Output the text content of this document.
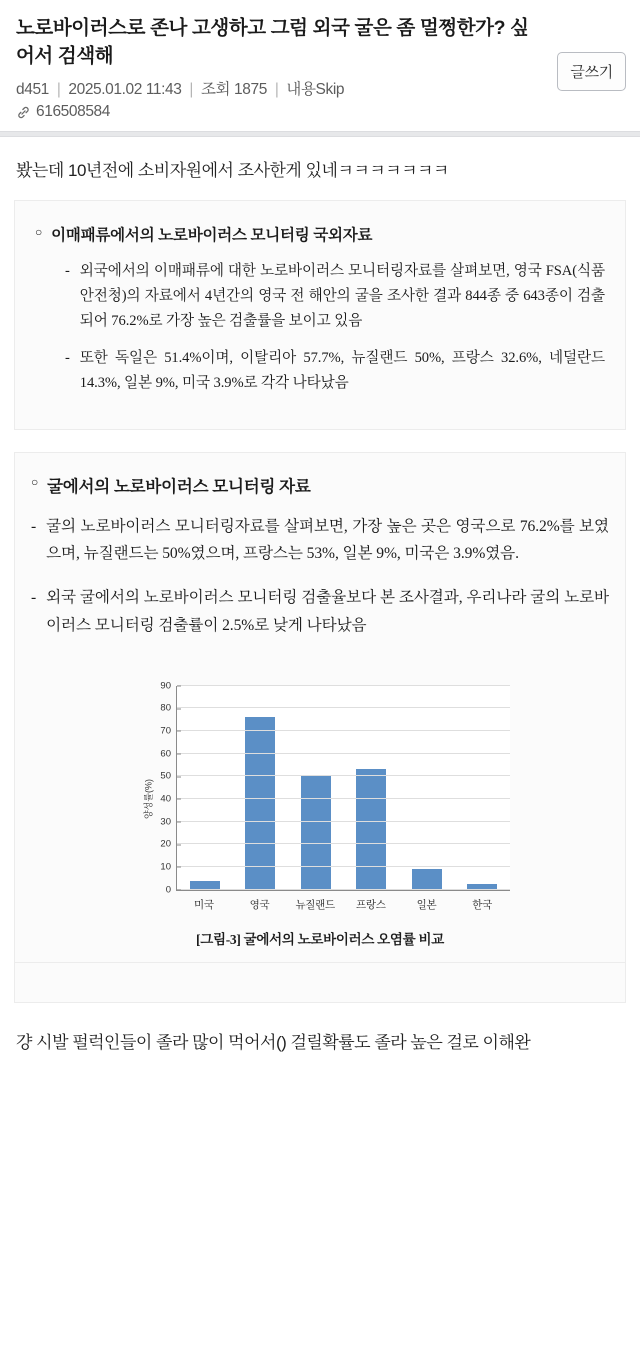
노로바이러스로 존나 고생하고 그럼 외국 굴은 좀 멀쩡한가? 싶어서 검색해
글쓰기
d451 | 2025.01.02 11:43 | 조회 1875 | 내용Skip
616508584
봤는데 10년전에 소비자원에서 조사한게 있네ㅋㅋㅋㅋㅋㅋㅋ
○ 이매패류에서의 노로바이러스 모니터링 국외자료
- 외국에서의 이매패류에 대한 노로바이러스 모니터링자료를 살펴보면, 영국 FSA(식품안전청)의 자료에서 4년간의 영국 전 해안의 굴을 조사한 결과 844종 중 643종이 검출되어 76.2%로 가장 높은 검출률을 보이고 있음
- 또한 독일은 51.4%이며, 이탈리아 57.7%, 뉴질랜드 50%, 프랑스 32.6%, 네덜란드 14.3%, 일본 9%, 미국 3.9%로 각각 나타났음
○ 굴에서의 노로바이러스 모니터링 자료
- 굴의 노로바이러스 모니터링자료를 살펴보면, 가장 높은 곳은 영국으로 76.2%를 보였으며, 뉴질랜드는 50%였으며, 프랑스는 53%, 일본 9%, 미국은 3.9%였음.
- 외국 굴에서의 노로바이러스 모니터링 검출율보다 본 조사결과, 우리나라 굴의 노로바이러스 모니터링 검출률이 2.5%로 낮게 나타났음
양성률(%)
0
10
20
30
40
50
60
70
80
90
미국	영국	뉴질랜드	프랑스	일본	한국
[그림-3] 굴에서의 노로바이러스 오염률 비교
걍 시발 펄럭인들이 졸라 많이 먹어서() 걸릴확률도 졸라 높은 걸로 이해완
